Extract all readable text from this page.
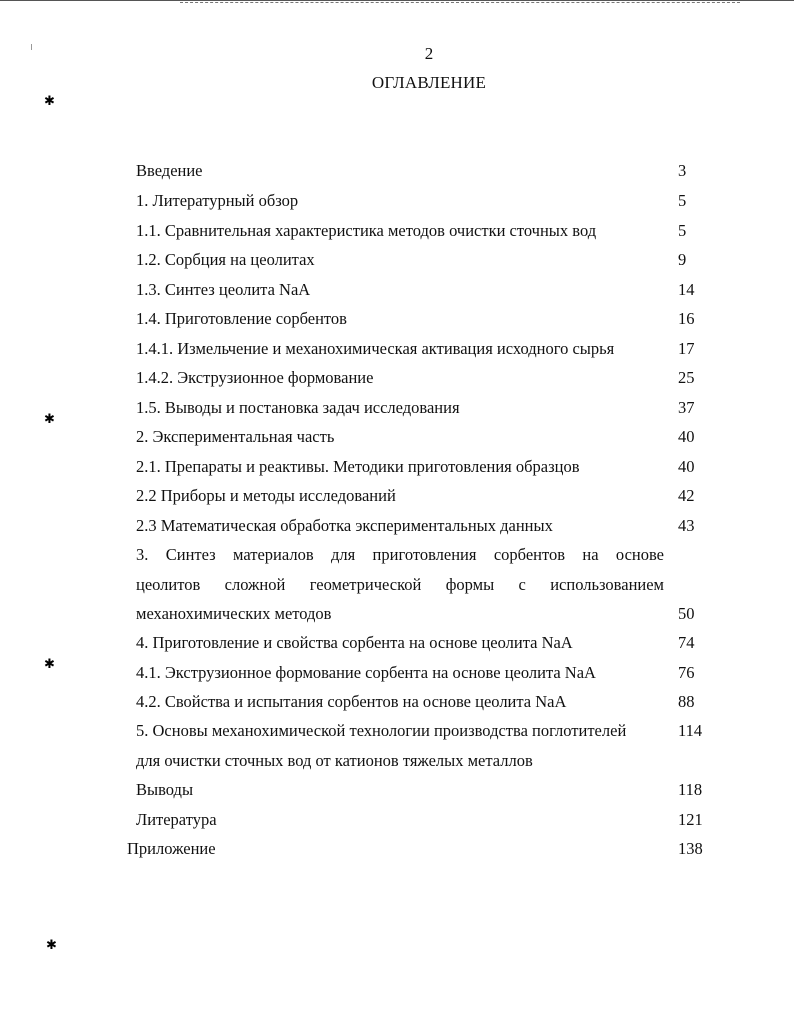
2
ОГЛАВЛЕНИЕ
✱
✱
✱
✱
Введение	3
1. Литературный обзор	5
1.1. Сравнительная характеристика методов очистки сточных вод	5
1.2. Сорбция на цеолитах	9
1.3. Синтез цеолита NaA	14
1.4. Приготовление сорбентов	16
1.4.1. Измельчение и механохимическая активация исходного сырья	17
1.4.2. Экструзионное формование	25
1.5. Выводы и постановка задач исследования	37
2. Экспериментальная часть	40
2.1. Препараты и реактивы. Методики приготовления образцов	40
2.2 Приборы и методы исследований	42
2.3 Математическая обработка экспериментальных данных	43
3. Синтез материалов для приготовления сорбентов на основе
цеолитов сложной геометрической формы с использованием
механохимических методов	50
4. Приготовление и свойства сорбента на основе цеолита NaA	74
4.1. Экструзионное формование сорбента на основе цеолита NaA	76
4.2. Свойства и испытания сорбентов на основе цеолита NaA	88
5. Основы механохимической технологии производства поглотителей	114
для очистки сточных вод от катионов тяжелых металлов
Выводы	118
Литература	121
Приложение	138
